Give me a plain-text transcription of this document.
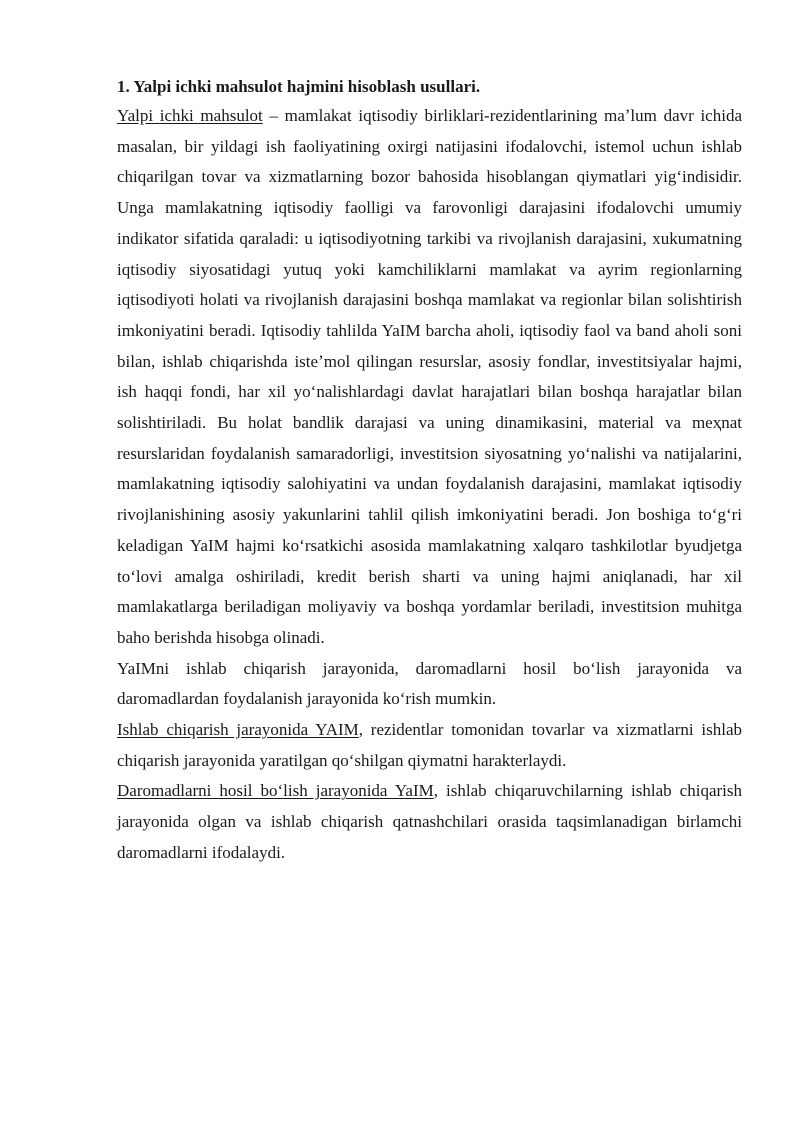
1. Yalpi ichki mahsulot hajmini hisoblash usullari.

Yalpi ichki mahsulot – mamlakat iqtisodiy birliklari-rezidentlarining maʼlum davr ichida masalan, bir yildagi ish faoliyatining oxirgi natijasini ifodalovchi, istemol uchun ishlab chiqarilgan tovar va xizmatlarning bozor bahosida hisoblangan qiymatlari yigʻindisidir. Unga mamlakatning iqtisodiy faolligi va farovonligi darajasini ifodalovchi umumiy indikator sifatida qaraladi: u iqtisodiyotning tarkibi va rivojlanish darajasini, xukumatning iqtisodiy siyosatidagi yutuq yoki kamchiliklarni mamlakat va ayrim regionlarning iqtisodiyoti holati va rivojlanish darajasini boshqa mamlakat va regionlar bilan solishtirish imkoniyatini beradi. Iqtisodiy tahlilda YaIM barcha aholi, iqtisodiy faol va band aholi soni bilan, ishlab chiqarishda isteʼmol qilingan resurslar, asosiy fondlar, investitsiyalar hajmi, ish haqqi fondi, har xil yoʻnalishlardagi davlat harajatlari bilan boshqa harajatlar bilan solishtiriladi. Bu holat bandlik darajasi va uning dinamikasini, material va meҳnat resurslaridan foydalanish samaradorligi, investitsion siyosatning yoʻnalishi va natijalarini, mamlakatning iqtisodiy salohiyatini va undan foydalanish darajasini, mamlakat iqtisodiy rivojlanishining asosiy yakunlarini tahlil qilish imkoniyatini beradi. Jon boshiga toʻgʻri keladigan YaIM hajmi koʻrsatkichi asosida mamlakatning xalqaro tashkilotlar byudjetga toʻlovi amalga oshiriladi, kredit berish sharti va uning hajmi aniqlanadi, har xil mamlakatlarga beriladigan moliyaviy va boshqa yordamlar beriladi, investitsion muhitga baho berishda hisobga olinadi.

YaIMni ishlab chiqarish jarayonida, daromadlarni hosil boʻlish jarayonida va daromadlardan foydalanish jarayonida koʻrish mumkin.

Ishlab chiqarish jarayonida YAIM, rezidentlar tomonidan tovarlar va xizmatlarni ishlab chiqarish jarayonida yaratilgan qoʻshilgan qiymatni harakterlaydi.

Daromadlarni hosil boʻlish jarayonida YaIM, ishlab chiqaruvchilarning ishlab chiqarish jarayonida olgan va ishlab chiqarish qatnashchilari orasida taqsimlanadigan birlamchi daromadlarni ifodalaydi.
